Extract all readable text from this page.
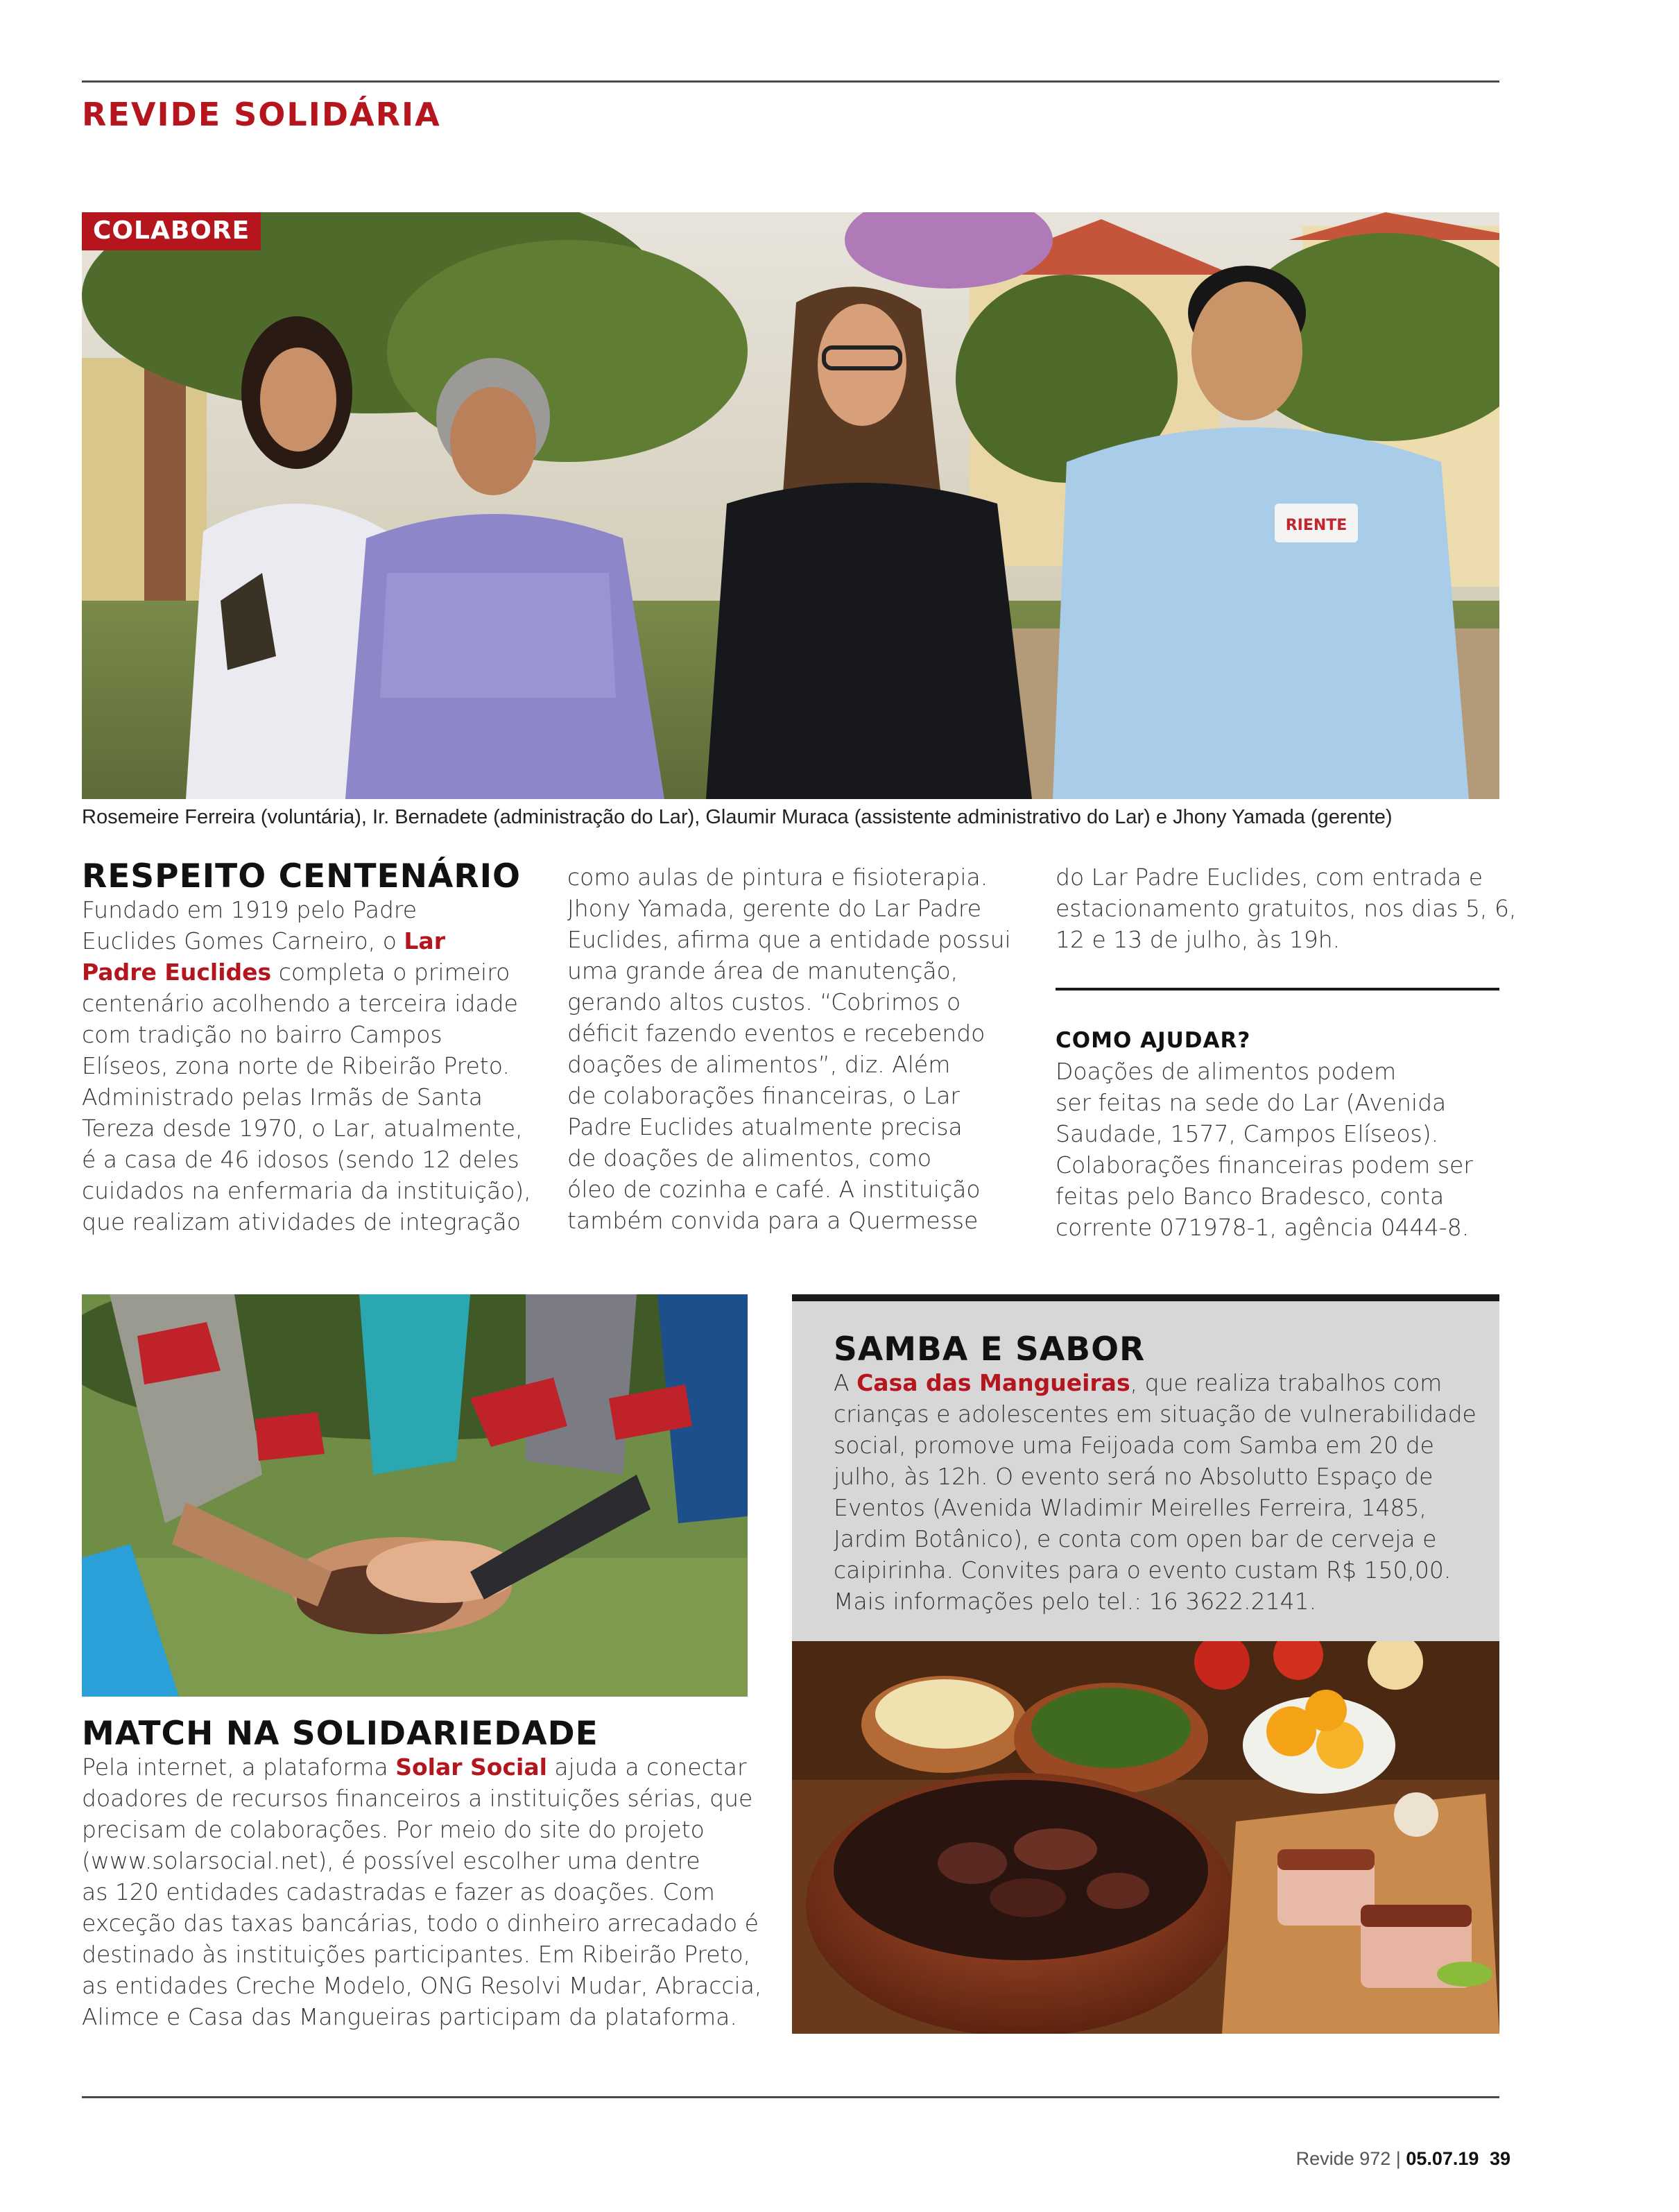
REVIDE SOLIDÁRIA
RIENTE
COLABORE
Rosemeire Ferreira (voluntária), Ir. Bernadete (administração do Lar), Glaumir Muraca (assistente administrativo do Lar) e Jhony Yamada (gerente)
RESPEITO CENTENÁRIO
Fundado em 1919 pelo Padre
Euclides Gomes Carneiro, o Lar
Padre Euclides completa o primeiro
centenário acolhendo a terceira idade
com tradição no bairro Campos
Elíseos, zona norte de Ribeirão Preto.
Administrado pelas Irmãs de Santa
Tereza desde 1970, o Lar, atualmente,
é a casa de 46 idosos (sendo 12 deles
cuidados na enfermaria da instituição),
que realizam atividades de integração
como aulas de pintura e fisioterapia.
Jhony Yamada, gerente do Lar Padre
Euclides, afirma que a entidade possui
uma grande área de manutenção,
gerando altos custos. “Cobrimos o
déficit fazendo eventos e recebendo
doações de alimentos”, diz. Além
de colaborações financeiras, o Lar
Padre Euclides atualmente precisa
de doações de alimentos, como
óleo de cozinha e café. A instituição
também convida para a Quermesse
do Lar Padre Euclides, com entrada e
estacionamento gratuitos, nos dias 5, 6,
12 e 13 de julho, às 19h.
COMO AJUDAR?
Doações de alimentos podem
ser feitas na sede do Lar (Avenida
Saudade, 1577, Campos Elíseos).
Colaborações financeiras podem ser
feitas pelo Banco Bradesco, conta
corrente 071978-1, agência 0444-8.
MATCH NA SOLIDARIEDADE
Pela internet, a plataforma Solar Social ajuda a conectar
doadores de recursos financeiros a instituições sérias, que
precisam de colaborações. Por meio do site do projeto
(www.solarsocial.net), é possível escolher uma dentre
as 120 entidades cadastradas e fazer as doações. Com
exceção das taxas bancárias, todo o dinheiro arrecadado é
destinado às instituições participantes. Em Ribeirão Preto,
as entidades Creche Modelo, ONG Resolvi Mudar, Abraccia,
Alimce e Casa das Mangueiras participam da plataforma.
SAMBA E SABOR
A Casa das Mangueiras, que realiza trabalhos com
crianças e adolescentes em situação de vulnerabilidade
social, promove uma Feijoada com Samba em 20 de
julho, às 12h. O evento será no Absolutto Espaço de
Eventos (Avenida Wladimir Meirelles Ferreira, 1485,
Jardim Botânico), e conta com open bar de cerveja e
caipirinha. Convites para o evento custam R$ 150,00.
Mais informações pelo tel.: 16 3622.2141.
Revide 972 | 05.07.19 39
